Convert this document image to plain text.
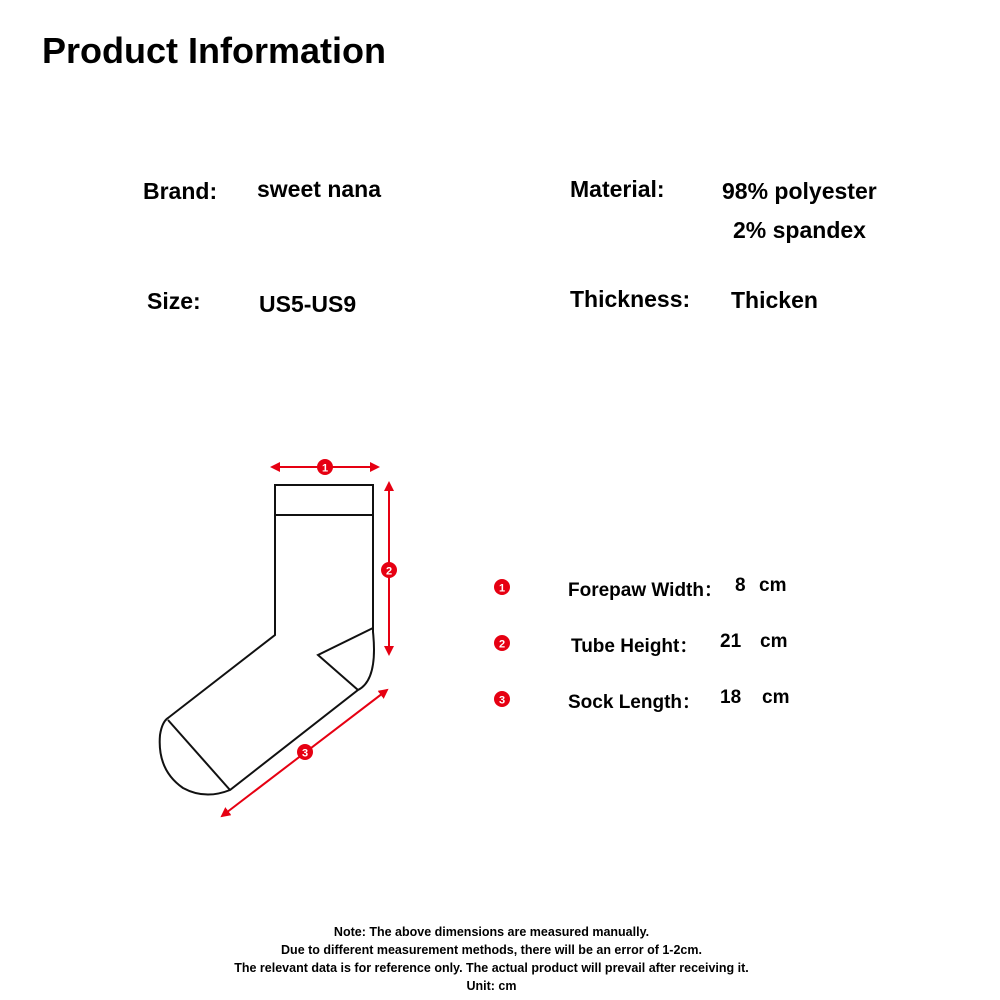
Product Information
Brand: sweet nana	Material: 98% polyester
2% spandex
Size:	US5-US9	Thickness: Thicken
1
2
3
1
2
3
Forepaw Width： 8 cm
Tube Height： 21 cm
Sock Length： 18 cm
Note: The above dimensions are measured manually.
Due to different measurement methods, there will be an error of 1-2cm.
The relevant data is for reference only. The actual product will prevail after receiving it.
Unit: cm
